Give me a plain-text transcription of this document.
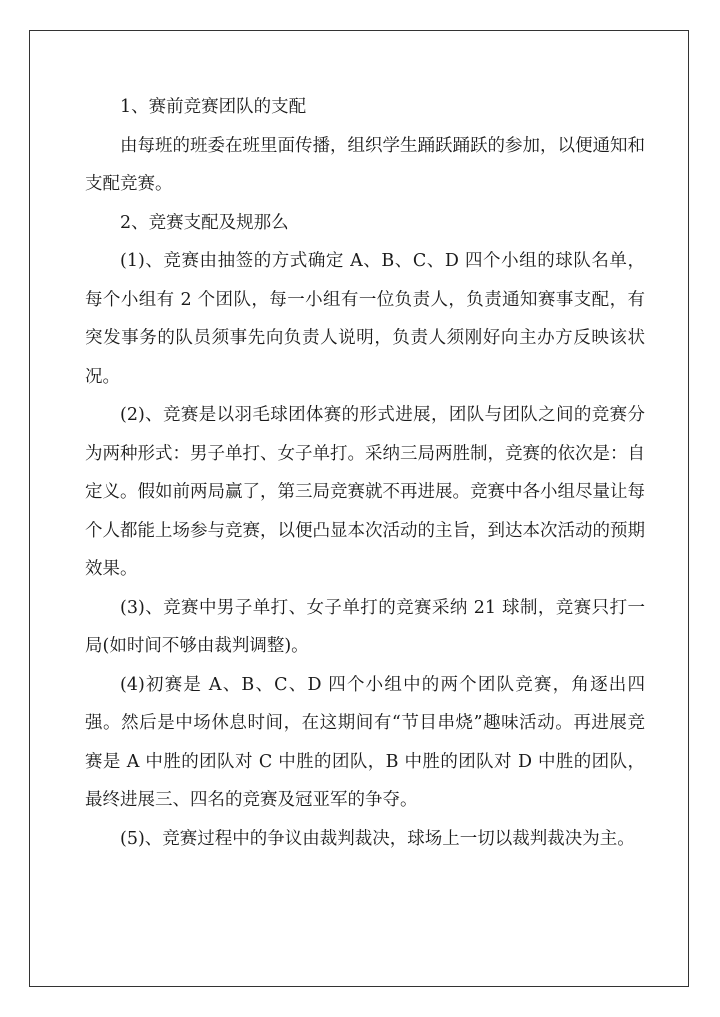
1、赛前竞赛团队的支配

由每班的班委在班里面传播，组织学生踊跃踊跃的参加，以便通知和支配竞赛。

2、竞赛支配及规那么

(1)、竞赛由抽签的方式确定 A、B、C、D 四个小组的球队名单，每个小组有 2 个团队，每一小组有一位负责人，负责通知赛事支配，有突发事务的队员须事先向负责人说明，负责人须刚好向主办方反映该状况。

(2)、竞赛是以羽毛球团体赛的形式进展，团队与团队之间的竞赛分为两种形式：男子单打、女子单打。采纳三局两胜制，竞赛的依次是：自定义。假如前两局赢了，第三局竞赛就不再进展。竞赛中各小组尽量让每个人都能上场参与竞赛，以便凸显本次活动的主旨，到达本次活动的预期效果。

(3)、竞赛中男子单打、女子单打的竞赛采纳 21 球制，竞赛只打一局(如时间不够由裁判调整)。

(4)初赛是 A、B、C、D 四个小组中的两个团队竞赛，角逐出四强。然后是中场休息时间，在这期间有“节目串烧”趣味活动。再进展竞赛是 A 中胜的团队对 C 中胜的团队，B 中胜的团队对 D 中胜的团队，最终进展三、四名的竞赛及冠亚军的争夺。

(5)、竞赛过程中的争议由裁判裁决，球场上一切以裁判裁决为主。
